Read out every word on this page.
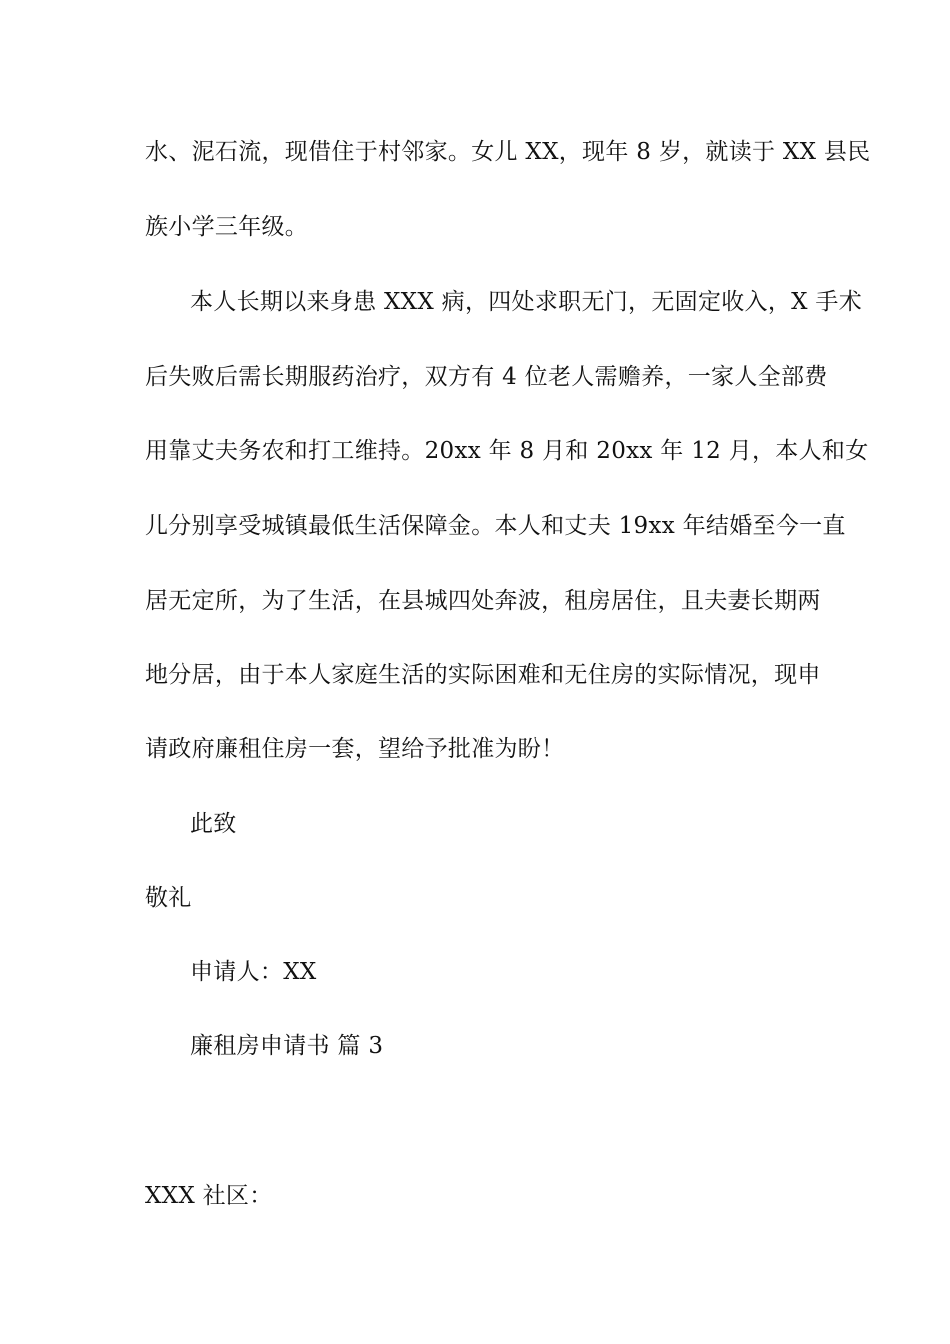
水、泥石流，现借住于村邻家。女儿 XX，现年 8 岁，就读于 XX 县民
族小学三年级。
本人长期以来身患 XXX 病，四处求职无门，无固定收入，X 手术
后失败后需长期服药治疗，双方有 4 位老人需赡养，一家人全部费
用靠丈夫务农和打工维持。20xx 年 8 月和 20xx 年 12 月，本人和女
儿分别享受城镇最低生活保障金。本人和丈夫 19xx 年结婚至今一直
居无定所，为了生活，在县城四处奔波，租房居住，且夫妻长期两
地分居，由于本人家庭生活的实际困难和无住房的实际情况，现申
请政府廉租住房一套，望给予批准为盼！
此致
敬礼
申请人：XX
廉租房申请书 篇 3
XXX 社区：
